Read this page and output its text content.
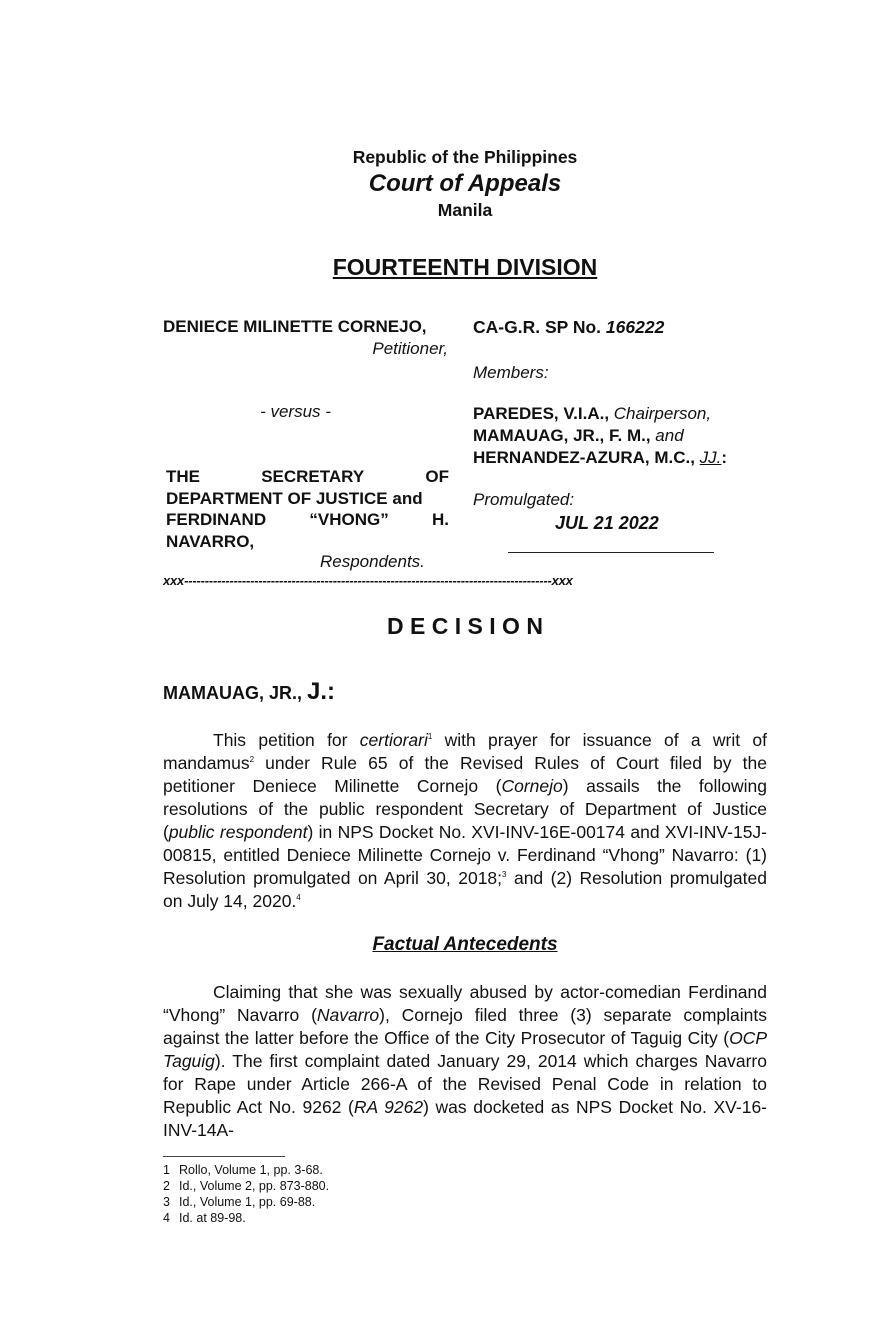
Republic of the Philippines
Court of Appeals
Manila
FOURTEENTH DIVISION
DENIECE MILINETTE CORNEJO,
Petitioner,
- versus -
THE	SECRETARY	OF
DEPARTMENT OF JUSTICE and
FERDINAND	“VHONG”	H.
NAVARRO,
Respondents.
CA-G.R. SP No. 166222
Members:
PAREDES, V.I.A., Chairperson,
MAMAUAG, JR., F. M., and
HERNANDEZ-AZURA, M.C., JJ.:
Promulgated:
JUL 21 2022
xxx-----------------------------------------------------------------------------------------xxx
D E C I S I O N
MAMAUAG, JR., J.:
This petition for certiorari$^1$ with prayer for issuance of a writ of mandamus$^2$ under Rule 65 of the Revised Rules of Court filed by the petitioner Deniece Milinette Cornejo (Cornejo) assails the following resolutions of the public respondent Secretary of Department of Justice (public respondent) in NPS Docket No. XVI-INV-16E-00174 and XVI-INV-15J-00815, entitled Deniece Milinette Cornejo v. Ferdinand “Vhong” Navarro: (1) Resolution promulgated on April 30, 2018;$^3$ and (2) Resolution promulgated on July 14, 2020.$^4$
Factual Antecedents
Claiming that she was sexually abused by actor-comedian Ferdinand “Vhong” Navarro (Navarro), Cornejo filed three (3) separate complaints against the latter before the Office of the City Prosecutor of Taguig City (OCP Taguig). The first complaint dated January 29, 2014 which charges Navarro for Rape under Article 266-A of the Revised Penal Code in relation to Republic Act No. 9262 (RA 9262) was docketed as NPS Docket No. XV-16-INV-14A-
1 Rollo, Volume 1, pp. 3-68.
2 Id., Volume 2, pp. 873-880.
3 Id., Volume 1, pp. 69-88.
4 Id. at 89-98.
